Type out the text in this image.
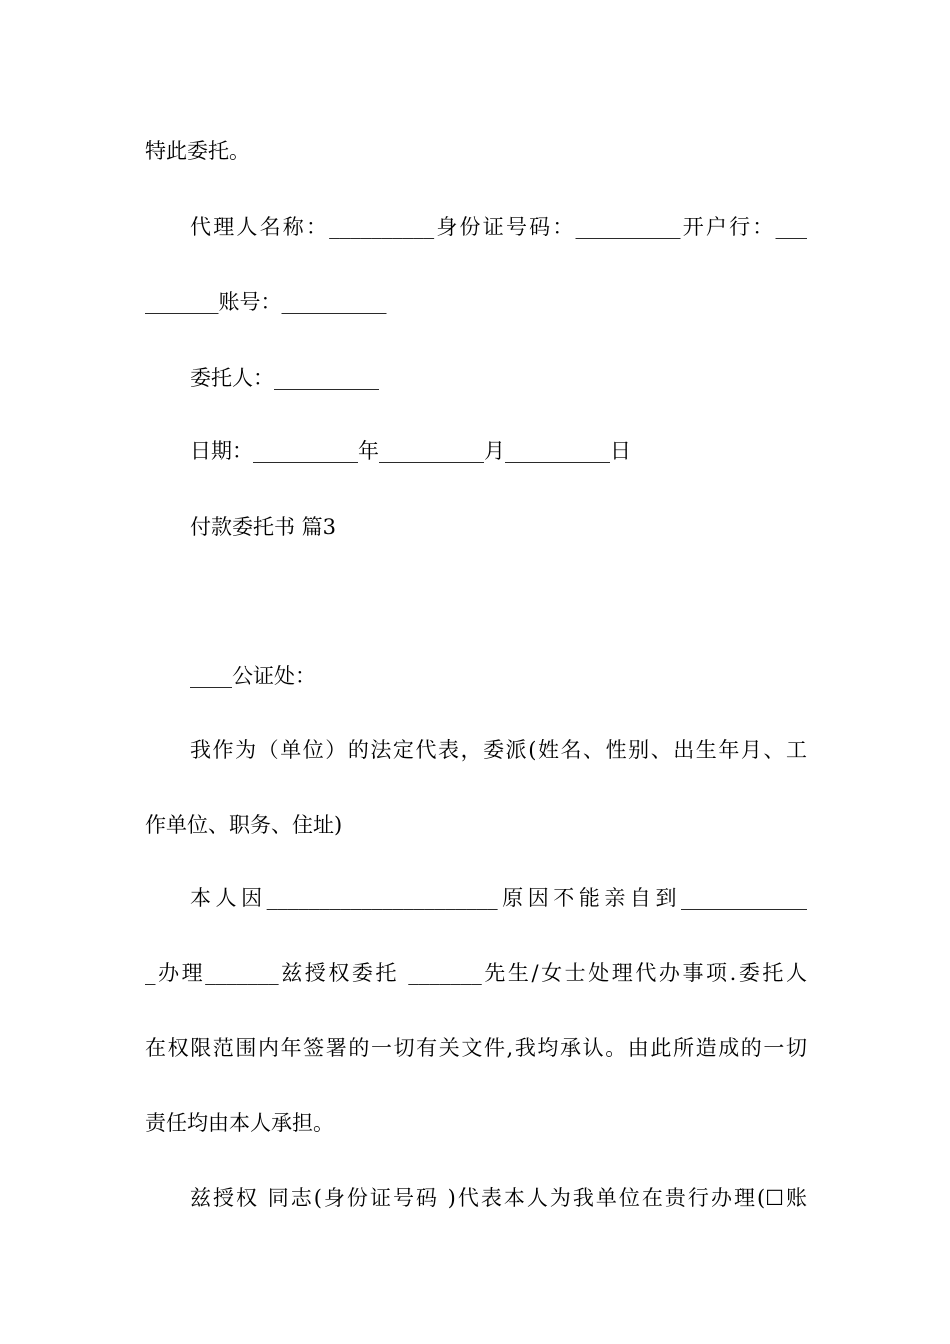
特此委托。
代理人名称：__________身份证号码：__________开户行：___
_______账号：__________
委托人：__________
日期：__________年__________月__________日
付款委托书 篇3
____公证处：
我作为（单位）的法定代表，委派(姓名、性别、出生年月、工
作单位、职务、住址)
本人因______________________原因不能亲自到____________
_办理_______兹授权委托 _______先生/女士处理代办事项.委托人
在权限范围内年签署的一切有关文件,我均承认。由此所造成的一切
责任均由本人承担。
兹授权 同志(身份证号码 )代表本人为我单位在贵行办理(☐账
